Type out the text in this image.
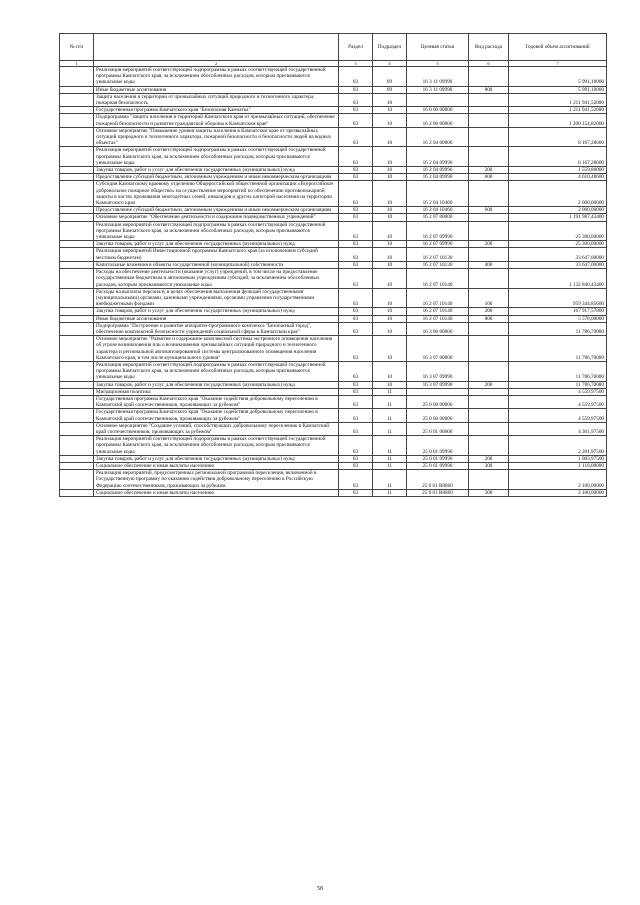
№ п/п		Раздел	Подраздел	Целевая статья	Вид расхода	Годовой объем ассигнований
1	2	3	4	5	6	7
	Реализация мероприятий соответствующей подпрограммы в рамках соответствующей государственной программы Камчатского края, за исключением обособленных расходов, которым присваиваются уникальные коды	03	09	16 3 11 09990		5 991,10000
	Иные бюджетные ассигнования	03	09	16 3 11 09990	800	5 991,10000
	Защита населения и территории от чрезвычайных ситуаций природного и техногенного характера, пожарная безопасность	03	10			1 211 941,52000
	Государственная программа Камчатского края "Безопасная Камчатка"	03	10	16 0 00 00000		1 211 941,52000
	Подпрограмма "Защита населения и территорий Камчатского края от чрезвычайных ситуаций, обеспечение пожарной безопасности и развитие гражданской обороны в Камчатском крае"	03	10	16 2 00 00000		1 200 154,82000
	Основное мероприятие "Повышение уровня защиты населения в Камчатском крае от чрезвычайных ситуаций природного и техногенного характера, пожарной безопасности и безопасности людей на водных объектах"	03	10	16 2 04 00000		8 167,28600
	Реализация мероприятий соответствующей подпрограммы в рамках соответствующей государственной программы Камчатского края, за исключением обособленных расходов, которым присваиваются уникальные коды	03	10	16 2 04 09990		6 167,28600
	Закупка товаров, работ и услуг для обеспечения государственных (муниципальных) нужд	03	10	16 2 04 09990	200	1 559,80000
	Предоставление субсидий бюджетным, автономным учреждениям и иным некоммерческим организациям	03	10	16 2 04 09990	600	4 610,48600
	Субсидия Камчатскому краевому отделению Общероссийской общественной организации «Всероссийское добровольное пожарное общество» на осуществление мероприятий по обеспечению противопожарной защиты в частях проживания многодетных семей, инвалидов и других категорий населения на территории Камчатского края	03	10	16 2 04 10460		2 000,00000
	Предоставление субсидий бюджетным, автономным учреждениям и иным некоммерческим организациям	03	10	16 2 04 10460	600	2 000,00000
	Основное мероприятие "Обеспечение деятельности и содержание подведомственных учреждений"	03	10	16 2 07 00000		1 191 987,43400
	Реализация мероприятий соответствующей подпрограммы в рамках соответствующей государственной программы Камчатского края, за исключением обособленных расходов, которым присваиваются уникальные коды	03	10	16 2 07 09990		25 300,00000
	Закупка товаров, работ и услуг для обеспечения государственных (муниципальных) нужд	03	10	16 2 07 09990	200	25 300,00000
	Реализация мероприятий Инвестиционной программы Камчатского края (за исключением субсидий местным бюджетам)	03	10	16 2 07 10130		33 647,00000
	Капитальные вложения в объекты государственной (муниципальной) собственности	03	10	16 2 07 10130	400	33 647,00000
	Расходы на обеспечение деятельности (оказание услуг) учреждений, в том числе на предоставление государственным бюджетным и автономным учреждениям субсидий, за исключением обособленных расходов, которым присваиваются уникальные коды	03	10	16 2 07 10140		1 132 840,43400
	Расходы на выплаты персоналу в целях обеспечения выполнения функций государственными (муниципальными) органами, казенными учреждениями, органами управления государственными внебюджетными фондами	03	10	16 2 07 10140	100	959 344,85600
	Закупка товаров, работ и услуг для обеспечения государственных (муниципальных) нужд	03	10	16 2 07 10140	200	167 917,57800
	Иные бюджетные ассигнования	03	10	16 2 07 10140	800	5 578,00000
	Подпрограмма "Построение и развитие аппаратно-программного комплекса "Безопасный город", обеспечение комплексной безопасности учреждений социальной сферы в Камчатском крае"	03	10	16 3 00 00000		11 786,70000
	Основное мероприятие "Развитие и содержание комплексной системы экстренного оповещения населения об угрозе возникновения или о возникновении чрезвычайных ситуаций природного и техногенного характера и региональной автоматизированной системы централизованного оповещения населения Камчатского края, в том числе муниципального уровня"	03	10	16 3 07 00000		11 786,70000
	Реализация мероприятий соответствующей подпрограммы в рамках соответствующей государственной программы Камчатского края, за исключением обособленных расходов, которым присваиваются уникальные коды	03	10	16 3 07 09990		11 786,70000
	Закупка товаров, работ и услуг для обеспечения государственных (муниципальных) нужд	03	10	16 3 07 09990	200	11 786,70000
	Миграционная политика	03	11			4 559,97500
	Государственная программа Камчатского края "Оказание содействия добровольному переселению в Камчатский край соотечественников, проживающих за рубежом"	03	11	25 0 00 00000		4 559,97500
	Государственная программа Камчатского края "Оказание содействия добровольному переселению в Камчатский край соотечественников, проживающих за рубежом"	03	11	25 0 00 00000		4 559,97500
	Основное мероприятие "Создание условий, способствующих добровольному переселению в Камчатский край соотечественников, проживающих за рубежом"	03	11	25 0 01 00000		4 301,97500
	Реализация мероприятий соответствующей подпрограммы в рамках соответствующей государственной программы Камчатского края, за исключением обособленных расходов, которым присваиваются уникальные коды	03	11	25 0 01 09990		2 201,97500
	Закупка товаров, работ и услуг для обеспечения государственных (муниципальных) нужд	03	11	25 0 01 09990	200	1 083,97500
	Социальное обеспечение и иные выплаты населению	03	11	25 0 01 09990	300	1 118,00000
	Реализация мероприятий, предусмотренных региональной программой переселения, включенной в Государственную программу по оказанию содействия добровольному переселению в Российскую Федерацию соотечественников, проживающих за рубежом	03	11	25 0 01 R0860		2 100,00000
	Социальное обеспечение и иные выплаты населению	03	11	25 0 01 R0860	300	2 100,00000
58
